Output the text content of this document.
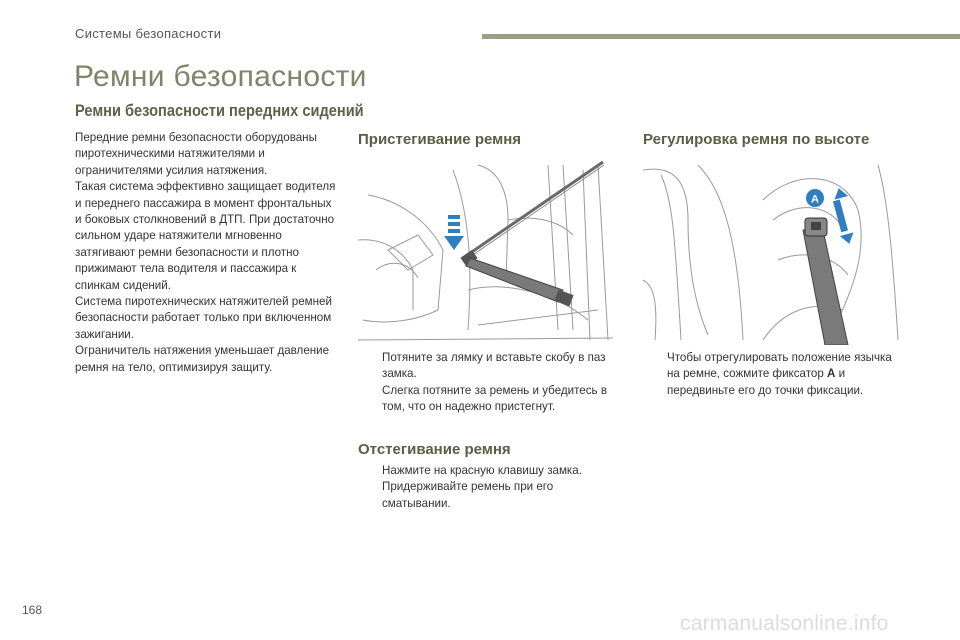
Системы безопасности
Ремни безопасности
Ремни безопасности передних сидений

Передние ремни безопасности оборудованы пиротехническими натяжителями и ограничителями усилия натяжения.

Такая система эффективно защищает водителя и переднего пассажира в момент фронтальных и боковых столкновений в ДТП. При достаточно сильном ударе натяжители мгновенно затягивают ремни безопасности и плотно прижимают тела водителя и пассажира к спинкам сидений.

Система пиротехнических натяжителей ремней безопасности работает только при включенном зажигании.

Ограничитель натяжения уменьшает давление ремня на тело, оптимизируя защиту.

Пристегивание ремня

Потяните за лямку и вставьте скобу в паз замка.

Слегка потяните за ремень и убедитесь в том, что он надежно пристегнут.

Отстегивание ремня

Нажмите на красную клавишу замка.

Придерживайте ремень при его сматывании.

Регулировка ремня по высоте
A

Чтобы отрегулировать положение язычка на ремне, сожмите фиксатор A и передвиньте его до точки фиксации.

168
carmanualsonline.info
